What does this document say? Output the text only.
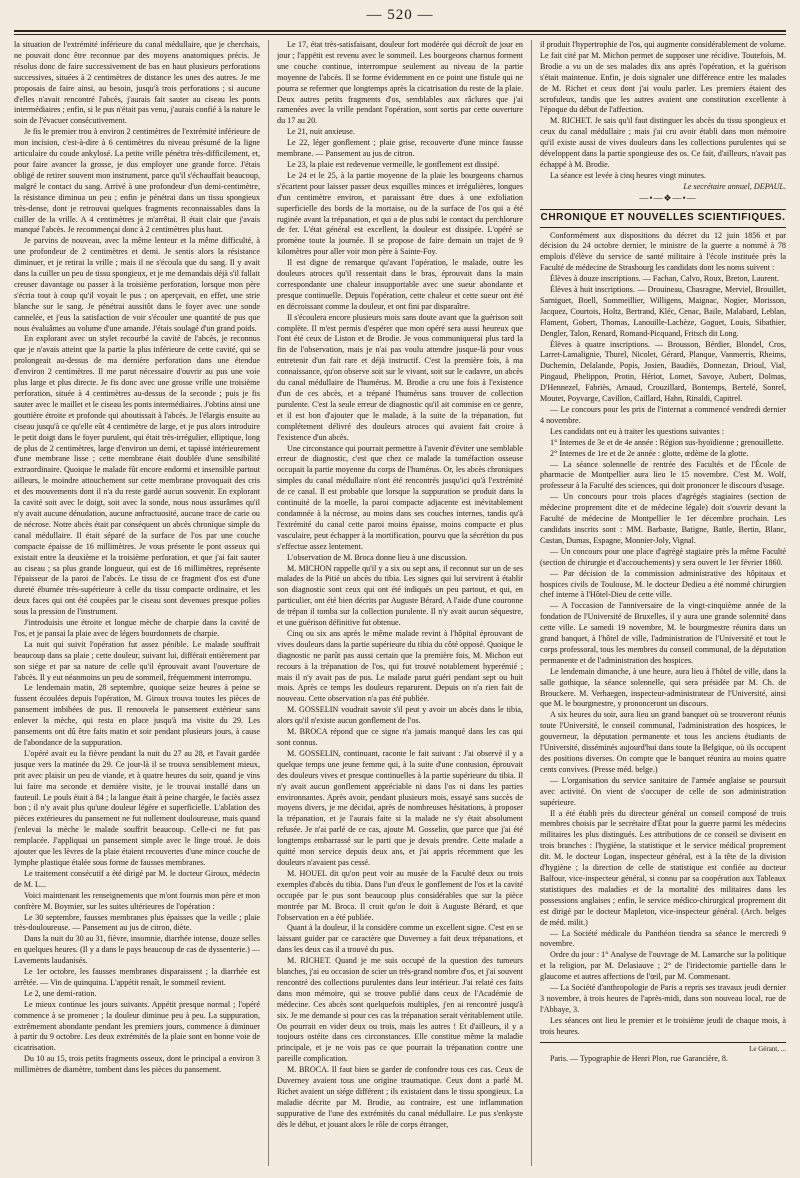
— 520 —

la situation de l'extrémité inférieure du canal médullaire, que je cherchais, ne pouvait donc être reconnue par des moyens anatomiques précis. Je résolus donc de faire successivement de bas en haut plusieurs perforations successives, situées à 2 centimètres de distance les unes des autres. Je me proposais de faire ainsi, au besoin, jusqu'à trois perforations ; si aucune d'elles n'avait rencontré l'abcès, j'aurais fait sauter au ciseau les ponts intermédiaires ; enfin, si le pus n'était pas venu, j'aurais confié à la nature le soin de l'évacuer consécutivement.

Je fis le premier trou à environ 2 centimètres de l'extrémité inférieure de mon incision, c'est-à-dire à 6 centimètres du niveau présumé de la ligne articulaire du coude ankylosé. La petite vrille pénétra très-difficilement, et, pour faire avancer la grosse, je dus employer une grande force. J'étais obligé de retirer souvent mon instrument, parce qu'il s'échauffait beaucoup, malgré le contact du sang. Arrivé à une profondeur d'un demi-centimètre, la résistance diminua un peu ; enfin je pénétrai dans un tissu spongieux très-dense, dont je retrouvai quelques fragments reconnaissables dans la cuiller de la vrille. A 4 centimètres je m'arrêtai. Il était clair que j'avais manqué l'abcès. Je recommençai donc à 2 centimètres plus haut.

Je parvins de nouveau, avec la même lenteur et la même difficulté, à une profondeur de 2 centimètres et demi. Je sentis alors la résistance diminuer, et je retirai la vrille ; mais il ne s'écoula que du sang. Il y avait dans la cuiller un peu de tissu spongieux, et je me demandais déjà s'il fallait creuser davantage ou passer à la troisième perforation, lorsque mon père s'écria tout à coup qu'il voyait le pus ; on aperçevait, en effet, une strie blanche sur le sang. Je pénétrai aussitôt dans le foyer avec une sonde cannelée, et j'eus la satisfaction de voir s'écouler une quantité de pus que nous évaluâmes au volume d'une amande. J'étais soulagé d'un grand poids.

En explorant avec un stylet recourbé la cavité de l'abcès, je reconnus que je n'avais atteint que la partie la plus inférieure de cette cavité, qui se prolongeait au-dessus de ma dernière perforation dans une étendue d'environ 2 centimètres. Il me parut nécessaire d'ouvrir au pus une voie plus large et plus directe. Je fis donc avec une grosse vrille une troisième perforation, située à 4 centimètres au-dessus de la seconde ; puis je fis sauter avec le maillet et le ciseau les ponts intermédiaires. J'obtins ainsi une gouttière étroite et profonde qui aboutissait à l'abcès. Je l'élargis ensuite au ciseau jusqu'à ce qu'elle eût 4 centimètre de large, et je pus alors introduire le petit doigt dans le foyer purulent, qui était très-irrégulier, elliptique, long de plus de 2 centimètres, large d'environ un demi, et tapissé intérieurement d'une membrane lisse ; cette membrane était doublée d'une sensibilité extraordinaire. Quoique le malade fût encore endormi et insensible partout ailleurs, le moindre attouchement sur cette membrane provoquait des cris et des mouvements dont il n'a du reste gardé aucun souvenir. En explorant la cavité soit avec le doigt, soit avec la sonde, nous nous assurâmes qu'il n'y avait aucune dénudation, aucune anfractuosité, aucune trace de carie ou de nécrose. Notre abcès était par conséquent un abcès chronique simple du canal médullaire. Il était séparé de la surface de l'os par une couche compacte épaisse de 16 millimètres. Je vous présente le pont osseux qui existait entre la deuxième et la troisième perforation, et que j'ai fait sauter au ciseau ; sa plus grande longueur, qui est de 16 millimètres, représente l'épaisseur de la paroi de l'abcès. Le tissu de ce fragment d'os est d'une dureté éburnée très-supérieure à celle du tissu compacte ordinaire, et les deux faces qui ont été coupées par le ciseau sont devenues presque polies sous la pression de l'instrument.

J'introduisis une étroite et longue mèche de charpie dans la cavité de l'os, et je pansai la plaie avec de légers bourdonnets de charpie.

La nuit qui suivit l'opération fut assez pénible. Le malade souffrait beaucoup dans sa plaie ; cette douleur, suivant lui, différait entièrement par son siége et par sa nature de celle qu'il éprouvait avant l'ouverture de l'abcès. Il y eut néanmoins un peu de sommeil, fréquemment interrompu.

Le lendemain matin, 28 septembre, quoique seize heures à peine se fussent écoulées depuis l'opération, M. Giroux trouva toutes les pièces de pansement imbibées de pus. Il renouvela le pansement extérieur sans enlever la mèche, qui resta en place jusqu'à ma visite du 29. Les pansements ont dû être faits matin et soir pendant plusieurs jours, à cause de l'abondance de la suppuration.

L'opéré avait eu la fièvre pendant la nuit du 27 au 28, et l'avait gardée jusque vers la matinée du 29. Ce jour-là il se trouva sensiblement mieux, prit avec plaisir un peu de viande, et à quatre heures du soir, quand je vins lui faire ma seconde et dernière visite, je le trouvai installé dans un fauteuil. Le pouls était à 84 ; la langue était à peine chargée, le faciès assez bon ; il n'y avait plus qu'une douleur légère et superficielle. L'ablation des pièces extérieures du pansement ne fut nullement douloureuse, mais quand j'enlevai la mèche le malade souffrit beaucoup. Celle-ci ne fut pas remplacée. J'appliquai un pansement simple avec le linge troué. Je dois ajouter que les lèvres de la plaie étaient recouvertes d'une mince couche de lymphe plastique étalée sous forme de fausses membranes.

Le traitement consécutif a été dirigé par M. le docteur Giroux, médecin de M. L...

Voici maintenant les renseignements que m'ont fournis mon père et mon confrère M. Boymier, sur les suites ultérieures de l'opération :

Le 30 septembre, fausses membranes plus épaisses que la veille ; plaie très-douloureuse. — Pansement au jus de citron, diète.

Dans la nuit du 30 au 31, fièvre, insomnie, diarrhée intense, douze selles en quelques heures. (Il y a dans le pays beaucoup de cas de dyssenterie.) — Lavements laudanisés.

Le 1er octobre, les fausses membranes disparaissent ; la diarrhée est arrêtée. — Vin de quinquina. L'appétit renaît, le sommeil revient.

Le 2, une demi-ration.

Le mieux continue les jours suivants. Appétit presque normal ; l'opéré commence à se promener ; la douleur diminue peu à peu. La suppuration, extrêmement abondante pendant les premiers jours, commence à diminuer à partir du 9 octobre. Les deux extrémités de la plaie sont en bonne voie de cicatrisation.

Du 10 au 15, trois petits fragments osseux, dont le principal a environ 3 millimètres de diamètre, tombent dans les pièces du pansement.

Le 17, état très-satisfaisant, douleur fort modérée qui décroît de jour en jour ; l'appétit est revenu avec le sommeil. Les bourgeons charnus forment une couche continue, interrompue seulement au niveau de la partie moyenne de l'abcès. Il se forme évidemment en ce point une fistule qui ne pourra se refermer que longtemps après la cicatrisation du reste de la plaie. Deux autres petits fragments d'os, semblables aux râclures que j'ai ramenées avec la vrille pendant l'opération, sont sortis par cette ouverture du 17 au 20.

Le 21, nuit anxieuse.

Le 22, léger gonflement ; plaie grise, recouverte d'une mince fausse membrane. — Pansement au jus de citron.

Le 23, la plaie est redevenue vermeille, le gonflement est dissipé.

Le 24 et le 25, à la partie moyenne de la plaie les bourgeons charnus s'écartent pour laisser passer deux esquilles minces et irrégulières, longues d'un centimètre environ, et paraissant être dues à une exfoliation superficielle des bords de la mortaise, ou de la surface de l'os qui a été ruginée avant la trépanation, et qui a de plus subi le contact du perchlorure de fer. L'état général est excellent, la douleur est dissipée. L'opéré se promène toute la journée. Il se propose de faire demain un trajet de 9 kilomètres pour aller voir mon père à Sainte-Foy.

Il est digne de remarque qu'avant l'opération, le malade, outre les douleurs atroces qu'il ressentait dans le bras, éprouvait dans la main correspondante une chaleur insupportable avec une sueur abondante et presque continuelle. Depuis l'opération, cette chaleur et cette sueur ont été en décroissant comme la douleur, et ont fini par disparaître.

Il s'écoulera encore plusieurs mois sans doute avant que la guérison soit complète. Il m'est permis d'espérer que mon opéré sera aussi heureux que l'ont été ceux de Liston et de Brodie. Je vous communiquerai plus tard la fin de l'observation, mais je n'ai pas voulu attendre jusque-là pour vous entretenir d'un fait rare et déjà instructif. C'est la première fois, à ma connaissance, qu'on observe soit sur le vivant, soit sur le cadavre, un abcès du canal médullaire de l'humérus. M. Brodie a cru une fois à l'existence d'un de ces abcès, et a trépané l'humérus sans trouver de collection purulente. C'est la seule erreur de diagnostic qu'il ait commise en ce genre, et il est bon d'ajouter que le malade, à la suite de la trépanation, fut complétement délivré des douleurs atroces qui avaient fait croire à l'existence d'un abcès.

Une circonstance qui pourrait permettre à l'avenir d'éviter une semblable erreur de diagnostic, c'est que chez ce malade la tuméfaction osseuse occupait la partie moyenne du corps de l'humérus. Or, les abcès chroniques simples du canal médullaire n'ont été rencontrés jusqu'ici qu'à l'extrémité de ce canal. Il est probable que lorsque la suppuration se produit dans la continuité de la moelle, la paroi compacte adjacente est inévitablement condamnée à la nécrose, au moins dans ses couches internes, tandis qu'à l'extrémité du canal cette paroi moins épaisse, moins compacte et plus vasculaire, peut échapper à la mortification, pourvu que la sécrétion du pus s'effectue assez lentement.

L'observation de M. Broca donne lieu à une discussion.

M. MICHON rappelle qu'il y a six ou sept ans, il reconnut sur un de ses malades de la Pitié un abcès du tibia. Les signes qui lui servirent à établir son diagnostic sont ceux qui ont été indiqués un peu partout, et qui, en particulier, ont été bien décrits par Auguste Bérard. A l'aide d'une couronne de trépan il tomba sur la collection purulente. Il n'y avait aucun séquestre, et une guérison définitive fut obtenue.

Cinq ou six ans après le même malade revint à l'hôpital éprouvant de vives douleurs dans la partie supérieure du tibia du côté opposé. Quoique le diagnostic ne parût pas aussi certain que la première fois, M. Michon eut recours à la trépanation de l'os, qui fut trouvé notablement hyperémié ; mais il n'y avait pas de pus. Le malade parut guéri pendant sept ou huit mois. Après ce temps les douleurs reparurent. Depuis on n'a rien fait de nouveau. Cette observation n'a pas été publiée.

M. GOSSELIN voudrait savoir s'il peut y avoir un abcès dans le tibia, alors qu'il n'existe aucun gonflement de l'os.

M. BROCA répond que ce signe n'a jamais manqué dans les cas qui sont connus.

M. GOSSELIN, continuant, raconte le fait suivant : J'ai observé il y a quelque temps une jeune femme qui, à la suite d'une contusion, éprouvait des douleurs vives et presque continuelles à la partie supérieure du tibia. Il n'y avait aucun gonflement appréciable ni dans l'os ni dans les parties environnantes. Après avoir, pendant plusieurs mois, essayé sans succès de moyens divers, je me décidai, après de nombreuses hésitations, à proposer la trépanation, et je l'aurais faite si la malade ne s'y était absolument refusée. Je n'ai parlé de ce cas, ajoute M. Gosselin, que parce que j'ai été longtemps embarrassé sur le parti que je devais prendre. Cette malade a quitté mon service depuis deux ans, et j'ai appris récemment que les douleurs n'avaient pas cessé.

M. HOUEL dit qu'on peut voir au musée de la Faculté deux ou trois exemples d'abcès du tibia. Dans l'un d'eux le gonflement de l'os et la cavité occupée par le pus sont beaucoup plus considérables que sur la pièce montrée par M. Broca. Il croit qu'on le doit à Auguste Bérard, et que l'observation en a été publiée.

Quant à la douleur, il la considère comme un excellent signe. C'est en se laissant guider par ce caractère que Duverney a fait deux trépanations, et dans les deux cas il a trouvé du pus.

M. RICHET. Quand je me suis occupé de la question des tumeurs blanches, j'ai eu occasion de scier un très-grand nombre d'os, et j'ai souvent rencontré des collections purulentes dans leur intérieur. J'ai relaté ces faits dans mon mémoire, qui se trouve publié dans ceux de l'Académie de médecine. Ces abcès sont quelquefois multiples, j'en ai rencontré jusqu'à six. Je me demande si pour ces cas la trépanation serait véritablement utile. On pourrait en vider deux ou trois, mais les autres ! Et d'ailleurs, il y a toujours ostéite dans ces circonstances. Elle constitue même la maladie principale, et je ne vois pas ce que pourrait la trépanation contre une pareille complication.

M. BROCA. Il faut bien se garder de confondre tous ces cas. Ceux de Duverney avaient tous une origine traumatique. Ceux dont a parlé M. Richet avaient un siége différent ; ils existaient dans le tissu spongieux. La maladie décrite par M. Brodie, au contraire, est une inflammation suppurative de l'une des extrémités du canal médullaire. Le pus s'enkyste dès le début, et jouant alors le rôle de corps étranger,

il produit l'hypertrophie de l'os, qui augmente considérablement de volume. Le fait cité par M. Michon permet de supposer une récidive. Toutefois, M. Brodie a vu un de ses malades dix ans après l'opération, et la guérison s'était maintenue. Enfin, je dois signaler une différence entre les malades de M. Richet et ceux dont j'ai voulu parler. Les premiers étaient des scrofuleux, tandis que les autres avaient une constitution excellente à l'époque du début de l'affection.

M. RICHET. Je sais qu'il faut distinguer les abcès du tissu spongieux et ceux du canal médullaire ; mais j'ai cru avoir établi dans mon mémoire qu'il existe aussi de vives douleurs dans les collections purulentes qui se développent dans la partie spongieuse des os. Ce fait, d'ailleurs, n'avait pas échappé à M. Brodie.

La séance est levée à cinq heures vingt minutes.

Le secrétaire annuel, DEPAUL.

—•—❖—•—

CHRONIQUE ET NOUVELLES SCIENTIFIQUES.

Conformément aux dispositions du décret du 12 juin 1856 et par décision du 24 octobre dernier, le ministre de la guerre a nommé à 78 emplois d'élève du service de santé militaire à l'école instituée près la Faculté de médecine de Strasbourg les candidats dont les noms suivent :

Élèves à douze inscriptions. — Fachan, Calvo, Roux, Breton, Laurent.

Élèves à huit inscriptions. — Drouineau, Chasragne, Merviel, Brouillet, Sarniguet, Boell, Sommeillier, Willigens, Maignac, Nogier, Morisson, Jacquez, Courtois, Holtz, Bertrand, Kléc, Cenac, Baile, Malabard, Leblan, Flament, Gobert, Thomas, Lanouille-Lachèze, Goguet, Louis, Sibathier, Dengler, Talon, Renard, Romand-Picquand, Fritsch dit Long.

Élèves à quatre inscriptions. — Brousson, Bérdier, Blondel, Cros, Larret-Lamalignie, Thurel, Nicolet, Gérard, Planque, Vanmerris, Rheims, Duchemin, Delalande, Popis, Josien, Baudiès, Donnezan, Drioul, Vial, Pingaud, Phelippon, Protin, Hériot, Lomet, Savoye, Aubert, Dolmas, D'Hennezel, Fabriès, Arnaud, Crouzillard, Bontemps, Bertelé, Sonrel, Moutet, Poyvarge, Cavillon, Caillard, Hahn, Rinaldi, Capitrel.

— Le concours pour les prix de l'internat a commencé vendredi dernier 4 novembre.

Les candidats ont eu à traiter les questions suivantes :

1° Internes de 3e et de 4e année : Région sus-hyoïdienne ; grenouillette.

2° Internes de 1re et de 2e année : glotte, œdème de la glotte.

— La séance solennelle de rentrée des Facultés et de l'École de pharmacie de Montpellier aura lieu le 15 novembre. C'est M. Wolf, professeur à la Faculté des sciences, qui doit prononcer le discours d'usage.

— Un concours pour trois places d'agrégés stagiaires (section de médecine proprement dite et de médecine légale) doit s'ouvrir devant la Faculté de médecine de Montpellier le 1er décembre prochain. Les candidats inscrits sont : MM. Barbaste, Batigne, Battle, Bertin, Blanc, Castan, Dumas, Espagne, Monnier-Joly, Vignal.

— Un concours pour une place d'agrégé stagiaire près la même Faculté (section de chirurgie et d'accouchements) y sera ouvert le 1er février 1860.

— Par décision de la commission administrative des hôpitaux et hospices civils de Toulouse, M. le docteur Dedieu a été nommé chirurgien chef interne à l'Hôtel-Dieu de cette ville.

— A l'occasion de l'anniversaire de la vingt-cinquième année de la fondation de l'Université de Bruxelles, il y aura une grande solennité dans cette ville. Le samedi 19 novembre, M. le bourgmestre réunira dans un grand banquet, à l'hôtel de ville, l'administration de l'Université et tout le corps professoral, tous les membres du conseil communal, de la députation permanente et de l'administration des hospices.

Le lendemain dimanche, à une heure, aura lieu à l'hôtel de ville, dans la salle gothique, la séance solennelle, qui sera présidée par M. Ch. de Brouckere. M. Verhaegen, inspecteur-administrateur de l'Université, ainsi que M. le bourgmestre, y prononceront un discours.

A six heures du soir, aura lieu un grand banquet où se trouveront réunis toute l'Université, le conseil communal, l'administration des hospices, le gouverneur, la députation permanente et tous les anciens étudiants de l'Université, disséminés aujourd'hui dans toute la Belgique, où ils occupent des positions diverses. On compte que le banquet réunira au moins quatre cents convives. (Presse méd. belge.)

— L'organisation du service sanitaire de l'armée anglaise se poursuit avec activité. On vient de s'occuper de celle de son administration supérieure.

Il a été établi près du directeur général un conseil composé de trois membres choisis par le secrétaire d'État pour la guerre parmi les médecins militaires les plus distingués. Les attributions de ce conseil se divisent en trois branches : l'hygiène, la statistique et le service médical proprement dit. M. le docteur Logan, inspecteur général, est à la tête de la division d'hygiène ; la direction de celle de statistique est confiée au docteur Balfour, vice-inspecteur général, si connu par sa coopération aux Tableaux statistiques des maladies et de la mortalité des militaires dans les possessions anglaises ; enfin, le service médico-chirurgical proprement dit est dirigé par le docteur Mapleton, vice-inspecteur général. (Arch. belges de méd. milit.)

— La Société médicale du Panthéon tiendra sa séance le mercredi 9 novembre.

Ordre du jour : 1° Analyse de l'ouvrage de M. Lamarche sur la politique et la religion, par M. Delasiauve ; 2° de l'iridectomie partielle dans le glaucome et autres affections de l'œil, par M. Commenant.

— La Société d'anthropologie de Paris a repris ses travaux jeudi dernier 3 novembre, à trois heures de l'après-midi, dans son nouveau local, rue de l'Abbaye, 3.

Les séances ont lieu le premier et le troisième jeudi de chaque mois, à trois heures.

Le Gérant, ...

Paris. — Typographie de Henri Plon, rue Garancière, 8.
